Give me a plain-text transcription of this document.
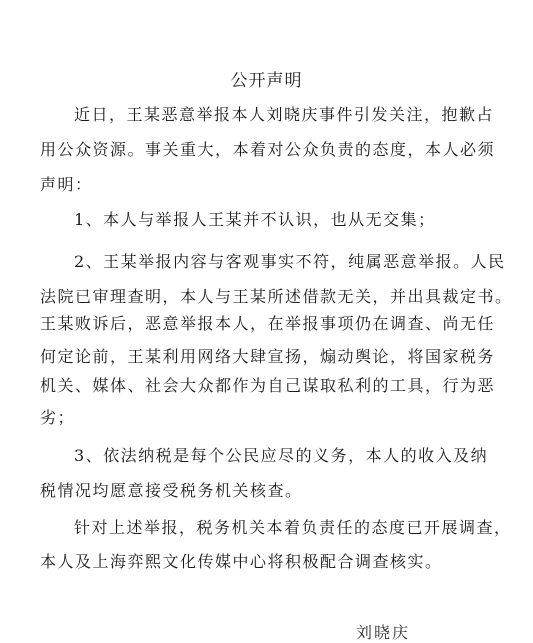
公开声明
近日，王某恶意举报本人刘晓庆事件引发关注，抱歉占
用公众资源。事关重大，本着对公众负责的态度，本人必须
声明：
1、本人与举报人王某并不认识，也从无交集；
2、王某举报内容与客观事实不符，纯属恶意举报。人民
法院已审理查明，本人与王某所述借款无关，并出具裁定书。
王某败诉后，恶意举报本人，在举报事项仍在调查、尚无任
何定论前，王某利用网络大肆宣扬，煽动舆论，将国家税务
机关、媒体、社会大众都作为自己谋取私利的工具，行为恶
劣；
3、依法纳税是每个公民应尽的义务，本人的收入及纳
税情况均愿意接受税务机关核查。
针对上述举报，税务机关本着负责任的态度已开展调查，
本人及上海弈熙文化传媒中心将积极配合调查核实。
刘晓庆
